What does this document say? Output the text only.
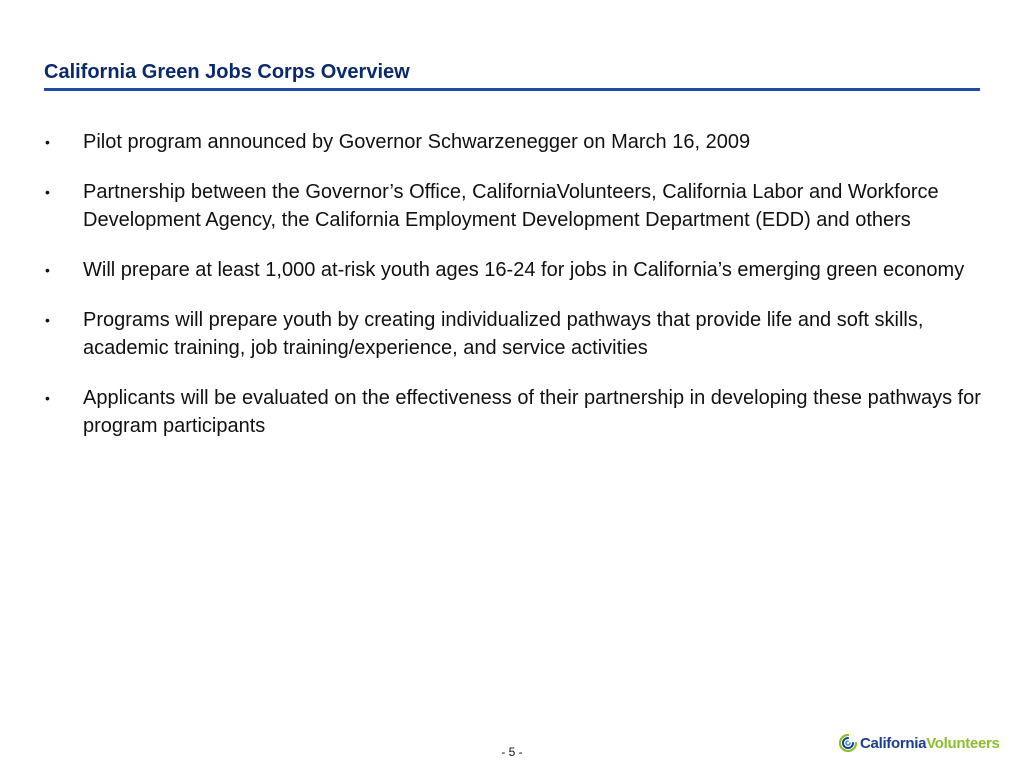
California Green Jobs Corps Overview
• Pilot program announced by Governor Schwarzenegger on March 16, 2009
• Partnership between the Governor’s Office, CaliforniaVolunteers, California Labor and Workforce Development Agency, the California Employment Development Department (EDD) and others
• Will prepare at least 1,000 at-risk youth ages 16-24 for jobs in California’s emerging green economy
• Programs will prepare youth by creating individualized pathways that provide life and soft skills, academic training, job training/experience, and service activities
• Applicants will be evaluated on the effectiveness of their partnership in developing these pathways for program participants
- 5 -
CaliforniaVolunteers
